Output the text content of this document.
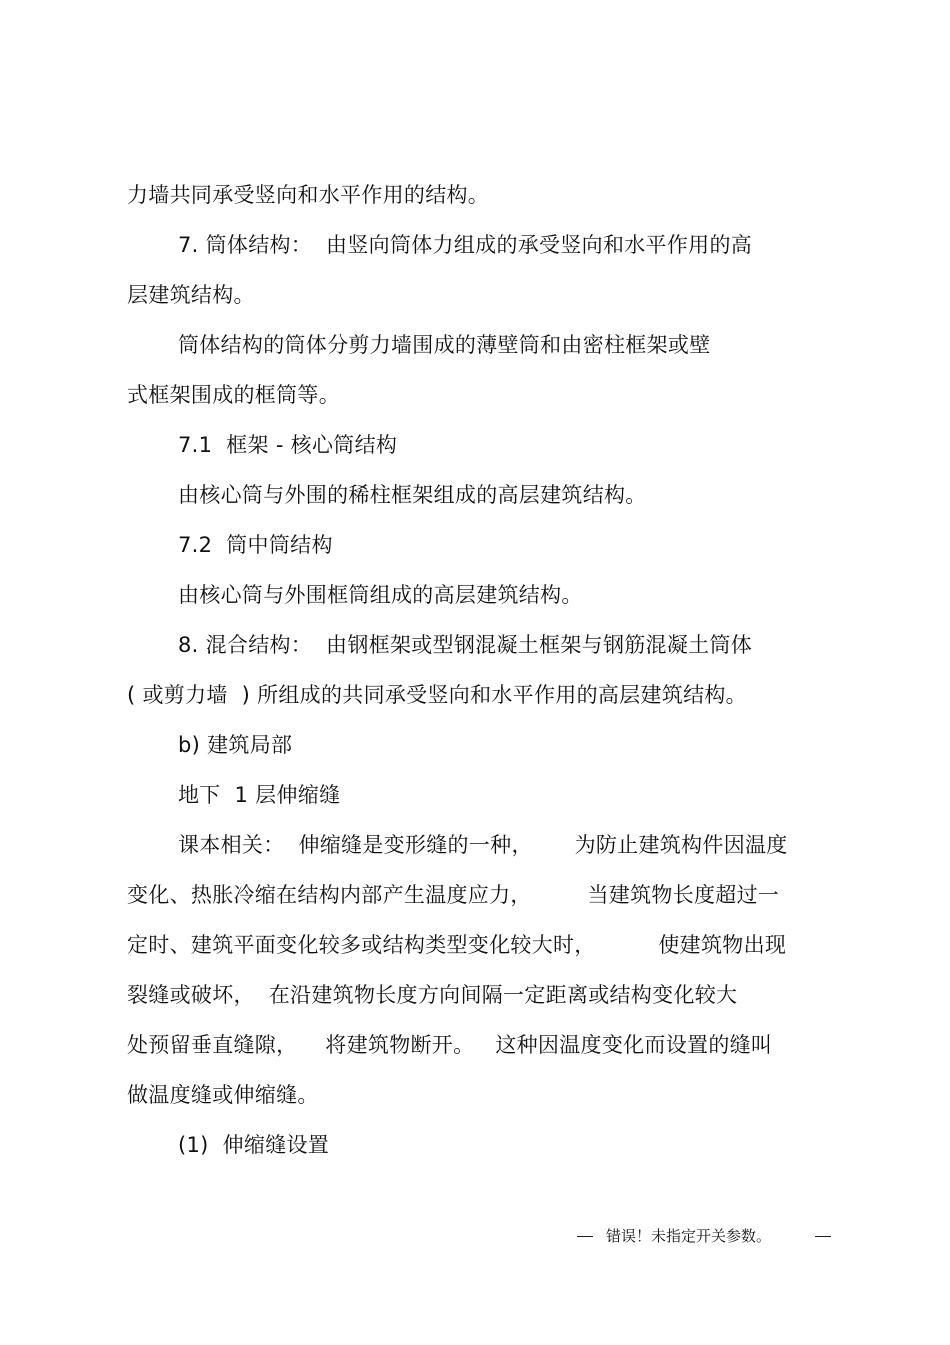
力墙共同承受竖向和水平作用的结构。
7. 筒体结构：  由竖向筒体力组成的承受竖向和水平作用的高
层建筑结构。
筒体结构的筒体分剪力墙围成的薄壁筒和由密柱框架或壁
式框架围成的框筒等。
7.1  框架 - 核心筒结构
由核心筒与外围的稀柱框架组成的高层建筑结构。
7.2  筒中筒结构
由核心筒与外围框筒组成的高层建筑结构。
8. 混合结构：  由钢框架或型钢混凝土框架与钢筋混凝土筒体
( 或剪力墙  ) 所组成的共同承受竖向和水平作用的高层建筑结构。
b) 建筑局部
地下  1 层伸缩缝
课本相关：  伸缩缝是变形缝的一种，      为防止建筑构件因温度
变化、热胀冷缩在结构内部产生温度应力，        当建筑物长度超过一
定时、建筑平面变化较多或结构类型变化较大时，         使建筑物出现
裂缝或破坏，  在沿建筑物长度方向间隔一定距离或结构变化较大
处预留垂直缝隙，    将建筑物断开。   这种因温度变化而设置的缝叫
做温度缝或伸缩缝。
(1)  伸缩缝设置
错误！未指定开关参数。
